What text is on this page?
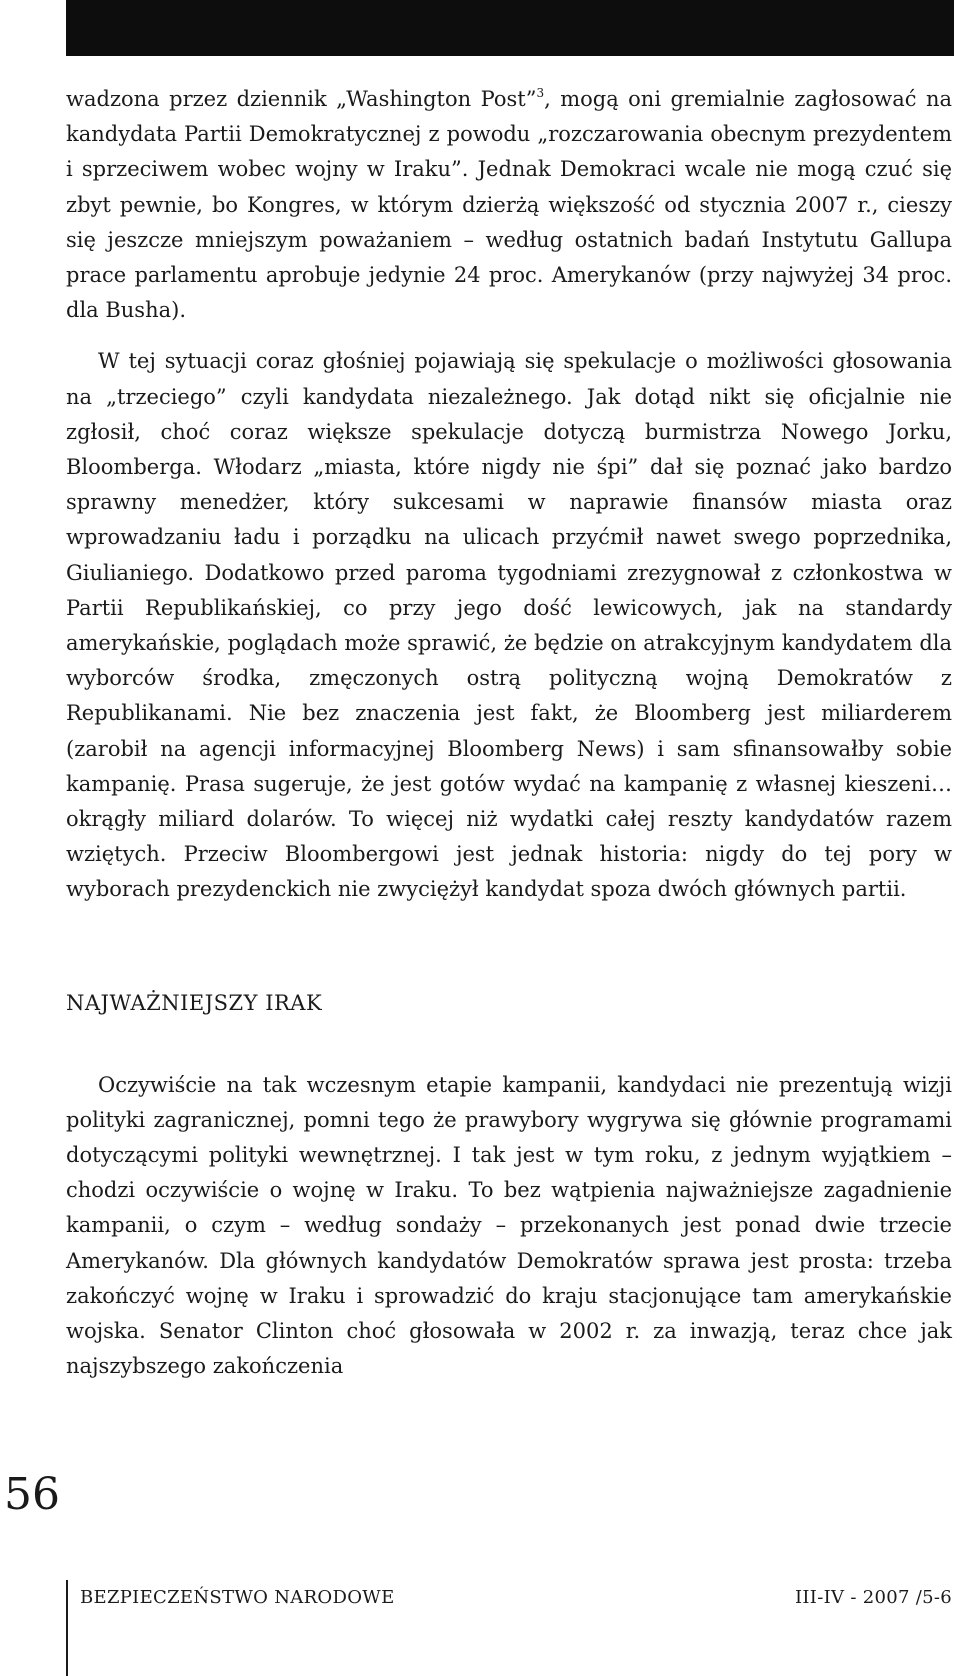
wadzona przez dziennik „Washington Post”$^3$, mogą oni gremialnie zagłosować na kandydata Partii Demokratycznej z powodu „rozczarowania obecnym prezydentem i sprzeciwem wobec wojny w Iraku”. Jednak Demokraci wcale nie mogą czuć się zbyt pewnie, bo Kongres, w którym dzierżą większość od stycznia 2007 r., cieszy się jeszcze mniejszym poważaniem – według ostatnich badań Instytutu Gallupa prace parlamentu aprobuje jedynie 24 proc. Amerykanów (przy najwyżej 34 proc. dla Busha).

W tej sytuacji coraz głośniej pojawiają się spekulacje o możliwości głosowania na „trzeciego” czyli kandydata niezależnego. Jak dotąd nikt się oficjalnie nie zgłosił, choć coraz większe spekulacje dotyczą burmistrza Nowego Jorku, Bloomberga. Włodarz „miasta, które nigdy nie śpi” dał się poznać jako bardzo sprawny menedżer, który sukcesami w naprawie finansów miasta oraz wprowadzaniu ładu i porządku na ulicach przyćmił nawet swego poprzednika, Giulianiego. Dodatkowo przed paroma tygodniami zrezygnował z członkostwa w Partii Republikańskiej, co przy jego dość lewicowych, jak na standardy amerykańskie, poglądach może sprawić, że będzie on atrakcyjnym kandydatem dla wyborców środka, zmęczonych ostrą polityczną wojną Demokratów z Republikanami. Nie bez znaczenia jest fakt, że Bloomberg jest miliarderem (zarobił na agencji informacyjnej Bloomberg News) i sam sfinansowałby sobie kampanię. Prasa sugeruje, że jest gotów wydać na kampanię z własnej kieszeni… okrągły miliard dolarów. To więcej niż wydatki całej reszty kandydatów razem wziętych. Przeciw Bloombergowi jest jednak historia: nigdy do tej pory w wyborach prezydenckich nie zwyciężył kandydat spoza dwóch głównych partii.

NAJWAŻNIEJSZY IRAK

Oczywiście na tak wczesnym etapie kampanii, kandydaci nie prezentują wizji polityki zagranicznej, pomni tego że prawybory wygrywa się głównie programami dotyczącymi polityki wewnętrznej. I tak jest w tym roku, z jednym wyjątkiem – chodzi oczywiście o wojnę w Iraku. To bez wątpienia najważniejsze zagadnienie kampanii, o czym – według sondaży – przekonanych jest ponad dwie trzecie Amerykanów. Dla głównych kandydatów Demokratów sprawa jest prosta: trzeba zakończyć wojnę w Iraku i sprowadzić do kraju stacjonujące tam amerykańskie wojska. Senator Clinton choć głosowała w 2002 r. za inwazją, teraz chce jak najszybszego zakończenia

56
BEZPIECZEŃSTWO NARODOWE	III-IV - 2007 /5-6
